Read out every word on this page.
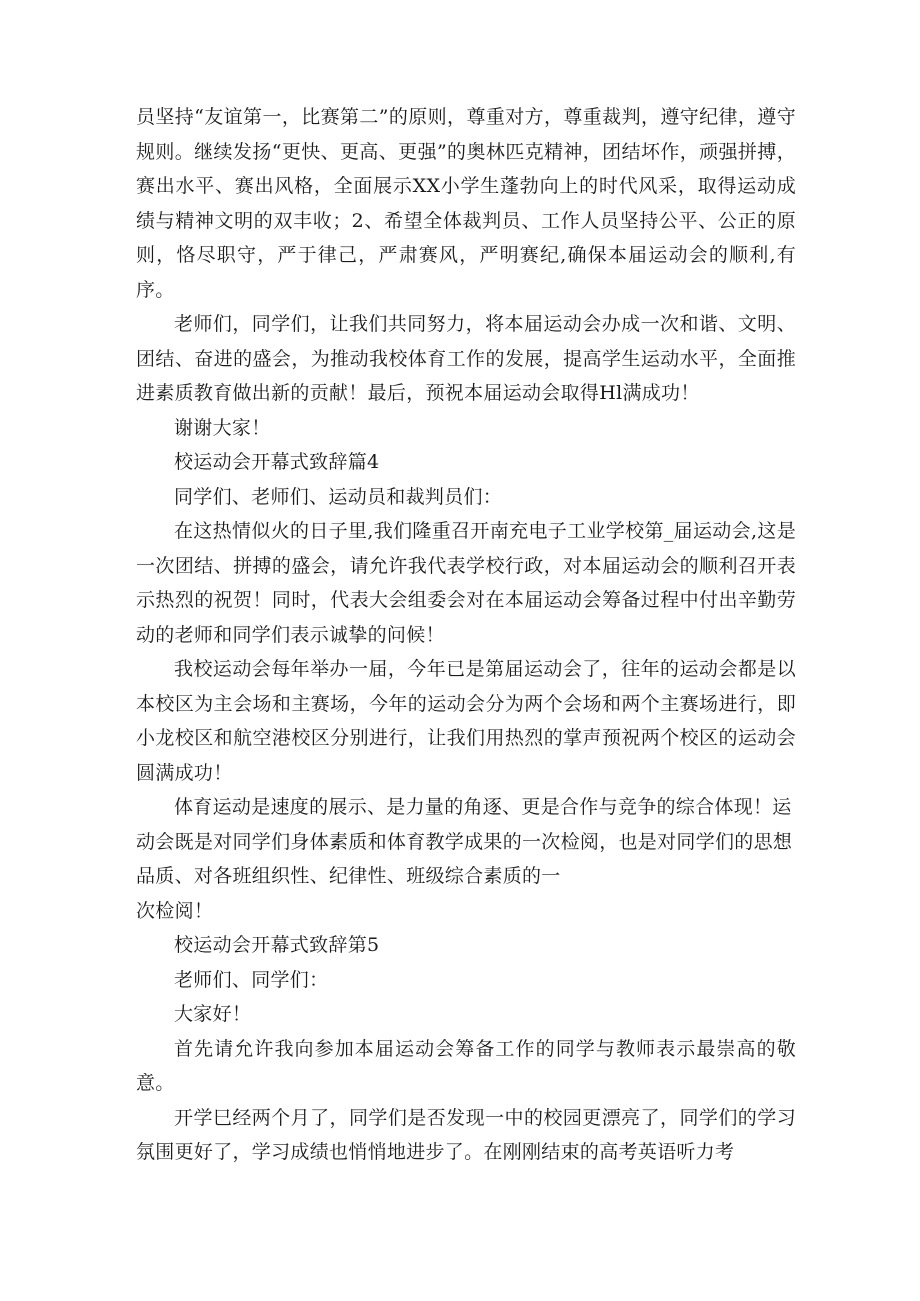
员坚持“友谊第一，比赛第二”的原则，尊重对方，尊重裁判，遵守纪律，遵守规则。继续发扬“更快、更高、更强”的奥林匹克精神，团结坏作，顽强拼搏，赛出水平、赛出风格，全面展示XX小学生蓬勃向上的时代风采，取得运动成绩与精神文明的双丰收；2、希望全体裁判员、工作人员坚持公平、公正的原则，恪尽职守，严于律己，严肃赛风，严明赛纪,确保本届运动会的顺利,有序。

老师们，同学们，让我们共同努力，将本届运动会办成一次和谐、文明、团结、奋进的盛会，为推动我校体育工作的发展，提高学生运动水平，全面推进素质教育做出新的贡献！最后，预祝本届运动会取得Hl满成功！

谢谢大家！

校运动会开幕式致辞篇4

同学们、老师们、运动员和裁判员们：

在这热情似火的日子里,我们隆重召开南充电子工业学校第_届运动会,这是一次团结、拼搏的盛会，请允许我代表学校行政，对本届运动会的顺利召开表示热烈的祝贺！同时，代表大会组委会对在本届运动会筹备过程中付出辛勤劳动的老师和同学们表示诚挚的问候！

我校运动会每年举办一届，今年已是第届运动会了，往年的运动会都是以本校区为主会场和主赛场，今年的运动会分为两个会场和两个主赛场进行，即小龙校区和航空港校区分别进行，让我们用热烈的掌声预祝两个校区的运动会圆满成功！

体育运动是速度的展示、是力量的角逐、更是合作与竞争的综合体现！运动会既是对同学们身体素质和体育教学成果的一次检阅，也是对同学们的思想品质、对各班组织性、纪律性、班级综合素质的一

次检阅！

校运动会开幕式致辞第5

老师们、同学们：

大家好！

首先请允许我向参加本届运动会筹备工作的同学与教师表示最崇高的敬意。

开学巳经两个月了，同学们是否发现一中的校园更漂亮了，同学们的学习氛围更好了，学习成绩也悄悄地进步了。在刚刚结束的高考英语听力考
